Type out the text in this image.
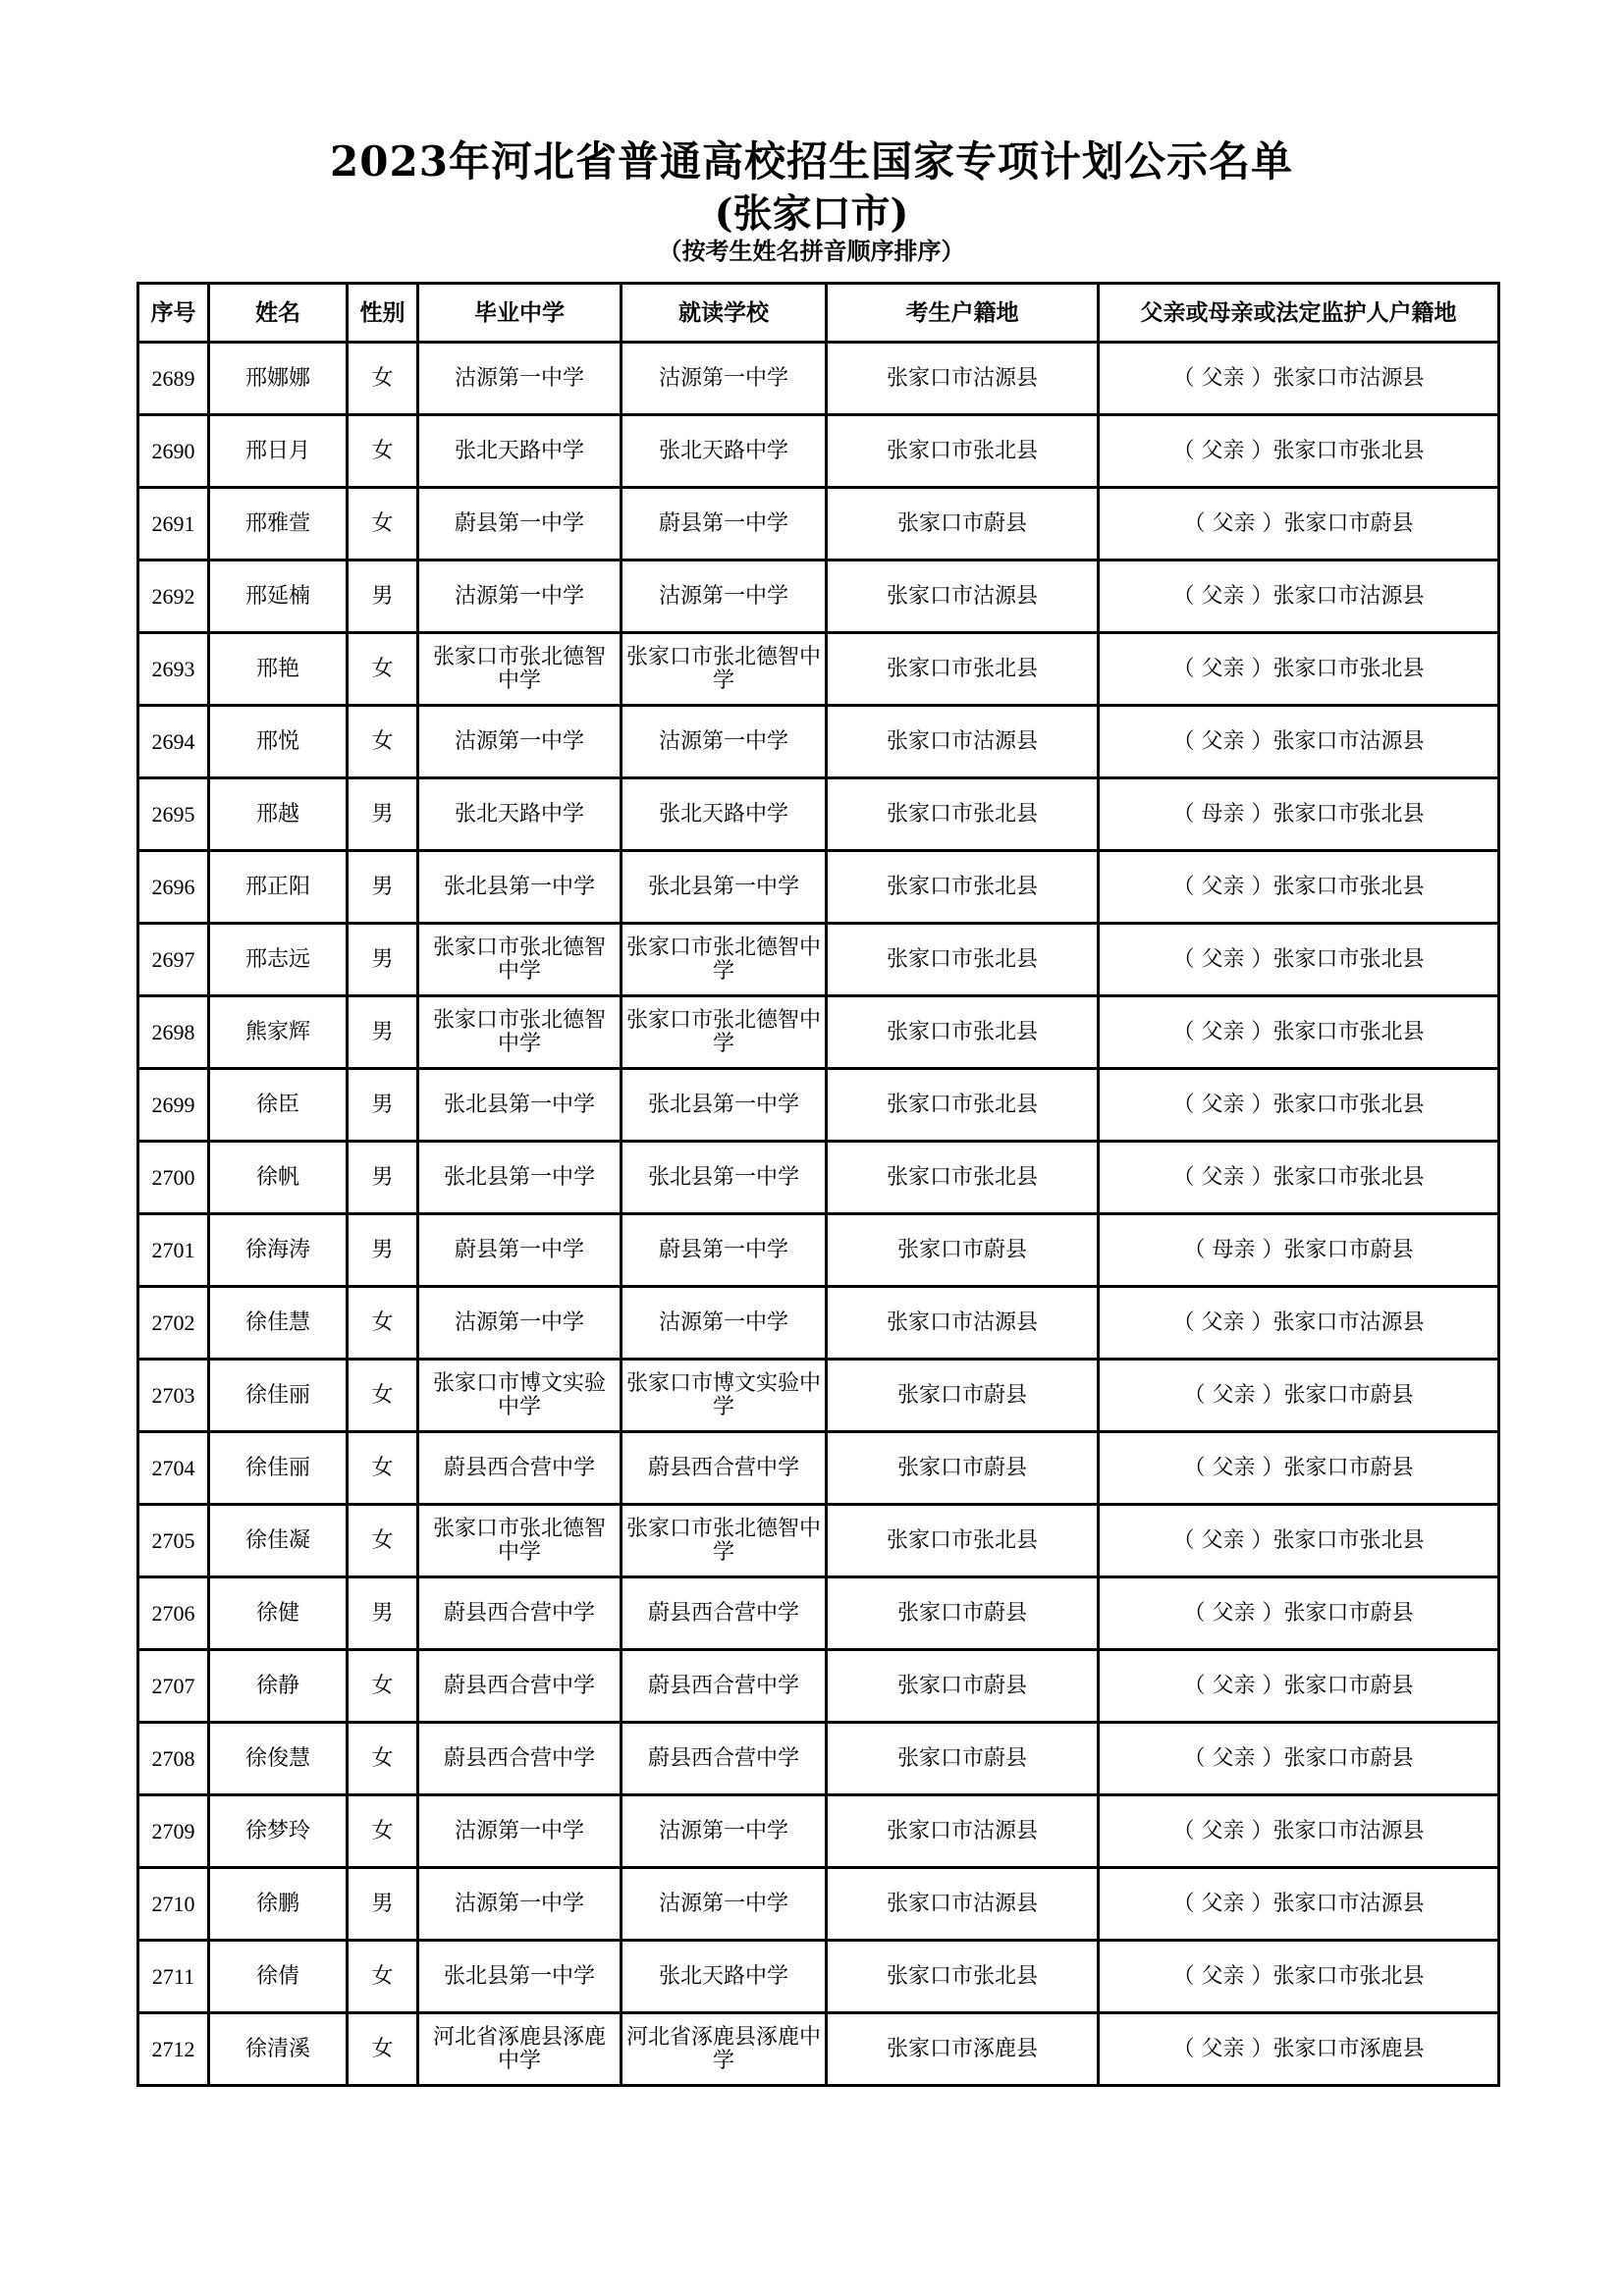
2023年河北省普通高校招生国家专项计划公示名单
(张家口市)
（按考生姓名拼音顺序排序）
序号	姓名	性别	毕业中学	就读学校	考生户籍地	父亲或母亲或法定监护人户籍地
2689	邢娜娜	女	沽源第一中学	沽源第一中学	张家口市沽源县	（ 父亲 ）张家口市沽源县
2690	邢日月	女	张北天路中学	张北天路中学	张家口市张北县	（ 父亲 ）张家口市张北县
2691	邢雅萱	女	蔚县第一中学	蔚县第一中学	张家口市蔚县	（ 父亲 ）张家口市蔚县
2692	邢延楠	男	沽源第一中学	沽源第一中学	张家口市沽源县	（ 父亲 ）张家口市沽源县
2693	邢艳	女	张家口市张北德智中学	张家口市张北德智中学	张家口市张北县	（ 父亲 ）张家口市张北县
2694	邢悦	女	沽源第一中学	沽源第一中学	张家口市沽源县	（ 父亲 ）张家口市沽源县
2695	邢越	男	张北天路中学	张北天路中学	张家口市张北县	（ 母亲 ）张家口市张北县
2696	邢正阳	男	张北县第一中学	张北县第一中学	张家口市张北县	（ 父亲 ）张家口市张北县
2697	邢志远	男	张家口市张北德智中学	张家口市张北德智中学	张家口市张北县	（ 父亲 ）张家口市张北县
2698	熊家辉	男	张家口市张北德智中学	张家口市张北德智中学	张家口市张北县	（ 父亲 ）张家口市张北县
2699	徐臣	男	张北县第一中学	张北县第一中学	张家口市张北县	（ 父亲 ）张家口市张北县
2700	徐帆	男	张北县第一中学	张北县第一中学	张家口市张北县	（ 父亲 ）张家口市张北县
2701	徐海涛	男	蔚县第一中学	蔚县第一中学	张家口市蔚县	（ 母亲 ）张家口市蔚县
2702	徐佳慧	女	沽源第一中学	沽源第一中学	张家口市沽源县	（ 父亲 ）张家口市沽源县
2703	徐佳丽	女	张家口市博文实验中学	张家口市博文实验中学	张家口市蔚县	（ 父亲 ）张家口市蔚县
2704	徐佳丽	女	蔚县西合营中学	蔚县西合营中学	张家口市蔚县	（ 父亲 ）张家口市蔚县
2705	徐佳凝	女	张家口市张北德智中学	张家口市张北德智中学	张家口市张北县	（ 父亲 ）张家口市张北县
2706	徐健	男	蔚县西合营中学	蔚县西合营中学	张家口市蔚县	（ 父亲 ）张家口市蔚县
2707	徐静	女	蔚县西合营中学	蔚县西合营中学	张家口市蔚县	（ 父亲 ）张家口市蔚县
2708	徐俊慧	女	蔚县西合营中学	蔚县西合营中学	张家口市蔚县	（ 父亲 ）张家口市蔚县
2709	徐梦玲	女	沽源第一中学	沽源第一中学	张家口市沽源县	（ 父亲 ）张家口市沽源县
2710	徐鹏	男	沽源第一中学	沽源第一中学	张家口市沽源县	（ 父亲 ）张家口市沽源县
2711	徐倩	女	张北县第一中学	张北天路中学	张家口市张北县	（ 父亲 ）张家口市张北县
2712	徐清溪	女	河北省涿鹿县涿鹿中学	河北省涿鹿县涿鹿中学	张家口市涿鹿县	（ 父亲 ）张家口市涿鹿县
